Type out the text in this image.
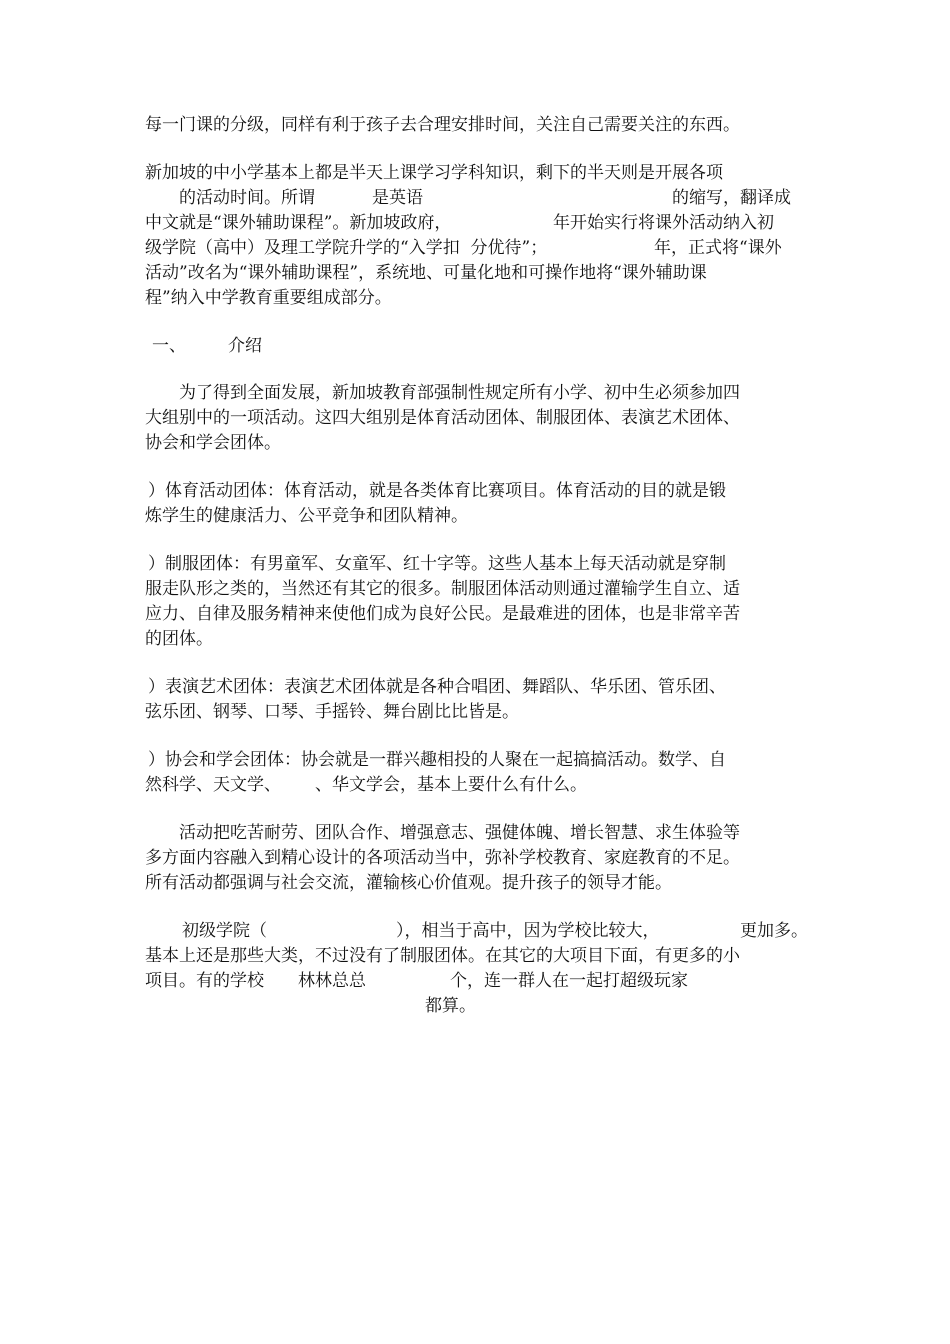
每一门课的分级，同样有利于孩子去合理安排时间，关注自己需要关注的东西。

新加坡的中小学基本上都是半天上课学习学科知识，剩下的半天则是开展各项

的活动时间。所谓	是英语	的缩写，翻译成

中文就是“课外辅助课程”。新加坡政府，	年开始实行将课外活动纳入初

级学院（高中）及理工学院升学的“入学扣  分优待”；	年，正式将“课外

活动”改名为“课外辅助课程”，系统地、可量化地和可操作地将“课外辅助课

程”纳入中学教育重要组成部分。

一、 介绍

为了得到全面发展，新加坡教育部强制性规定所有小学、初中生必须参加四

大组别中的一项活动。这四大组别是体育活动团体、制服团体、表演艺术团体、

协会和学会团体。

）体育活动团体：体育活动，就是各类体育比赛项目。体育活动的目的就是锻

炼学生的健康活力、公平竞争和团队精神。

）制服团体：有男童军、女童军、红十字等。这些人基本上每天活动就是穿制

服走队形之类的，当然还有其它的很多。制服团体活动则通过灌输学生自立、适

应力、自律及服务精神来使他们成为良好公民。是最难进的团体，也是非常辛苦

的团体。

）表演艺术团体：表演艺术团体就是各种合唱团、舞蹈队、华乐团、管乐团、

弦乐团、钢琴、口琴、手摇铃、舞台剧比比皆是。

）协会和学会团体：协会就是一群兴趣相投的人聚在一起搞搞活动。数学、自

然科学、天文学、 、华文学会，基本上要什么有什么。

活动把吃苦耐劳、团队合作、增强意志、强健体魄、增长智慧、求生体验等

多方面内容融入到精心设计的各项活动当中，弥补学校教育、家庭教育的不足。

所有活动都强调与社会交流，灌输核心价值观。提升孩子的领导才能。

初级学院（	），相当于高中，因为学校比较大，	更加多。

基本上还是那些大类，不过没有了制服团体。在其它的大项目下面，有更多的小

项目。有的学校 林林总总	个，连一群人在一起打超级玩家

都算。
